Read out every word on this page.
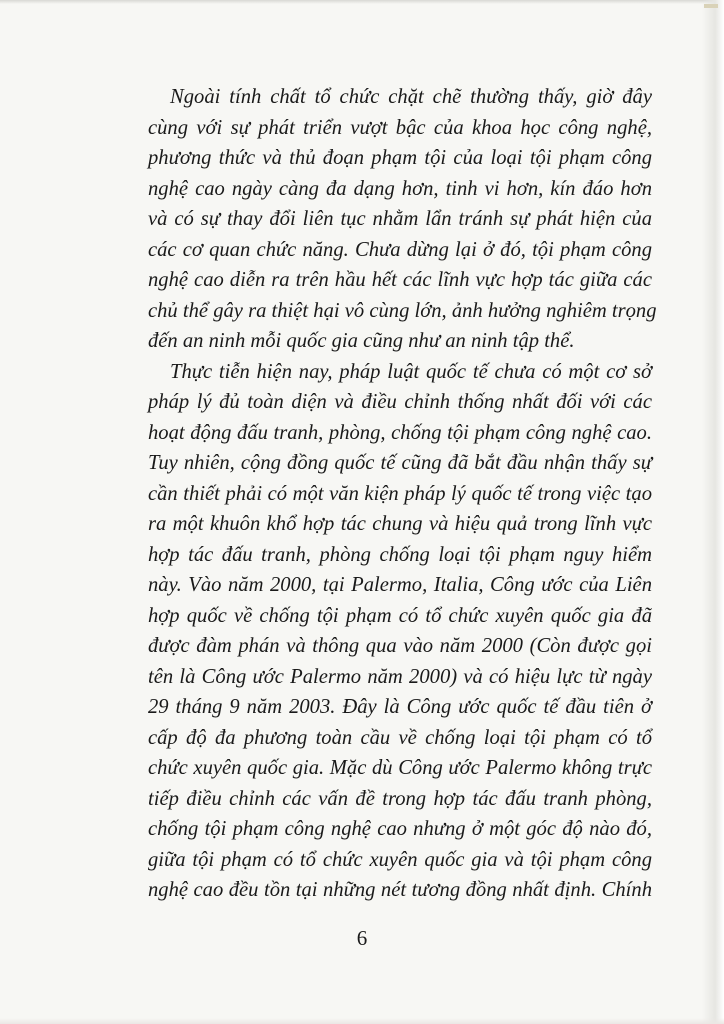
Ngoài tính chất tổ chức chặt chẽ thường thấy, giờ đây
cùng với sự phát triển vượt bậc của khoa học công nghệ,
phương thức và thủ đoạn phạm tội của loại tội phạm công
nghệ cao ngày càng đa dạng hơn, tinh vi hơn, kín đáo hơn
và có sự thay đổi liên tục nhằm lẩn tránh sự phát hiện của
các cơ quan chức năng. Chưa dừng lại ở đó, tội phạm công
nghệ cao diễn ra trên hầu hết các lĩnh vực hợp tác giữa các
chủ thể gây ra thiệt hại vô cùng lớn, ảnh hưởng nghiêm trọng
đến an ninh mỗi quốc gia cũng như an ninh tập thể.
Thực tiễn hiện nay, pháp luật quốc tế chưa có một cơ sở
pháp lý đủ toàn diện và điều chỉnh thống nhất đối với các
hoạt động đấu tranh, phòng, chống tội phạm công nghệ cao.
Tuy nhiên, cộng đồng quốc tế cũng đã bắt đầu nhận thấy sự
cần thiết phải có một văn kiện pháp lý quốc tế trong việc tạo
ra một khuôn khổ hợp tác chung và hiệu quả trong lĩnh vực
hợp tác đấu tranh, phòng chống loại tội phạm nguy hiểm
này. Vào năm 2000, tại Palermo, Italia, Công ước của Liên
hợp quốc về chống tội phạm có tổ chức xuyên quốc gia đã
được đàm phán và thông qua vào năm 2000 (Còn được gọi
tên là Công ước Palermo năm 2000) và có hiệu lực từ ngày
29 tháng 9 năm 2003. Đây là Công ước quốc tế đầu tiên ở
cấp độ đa phương toàn cầu về chống loại tội phạm có tổ
chức xuyên quốc gia. Mặc dù Công ước Palermo không trực
tiếp điều chỉnh các vấn đề trong hợp tác đấu tranh phòng,
chống tội phạm công nghệ cao nhưng ở một góc độ nào đó,
giữa tội phạm có tổ chức xuyên quốc gia và tội phạm công
nghệ cao đều tồn tại những nét tương đồng nhất định. Chính
6
